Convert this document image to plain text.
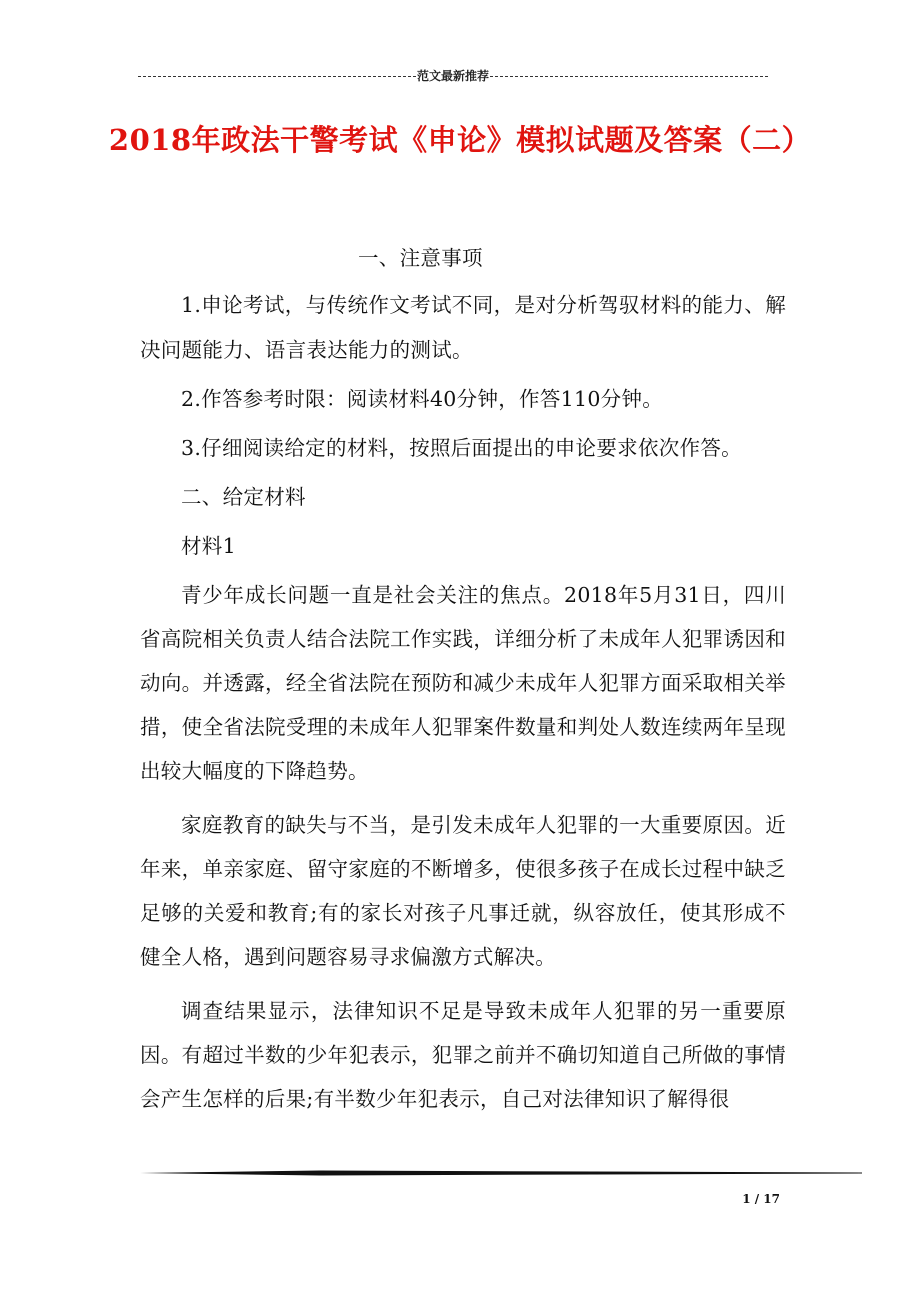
范文最新推荐
2018年政法干警考试《申论》模拟试题及答案（二）

一、注意事项

1.申论考试，与传统作文考试不同，是对分析驾驭材料的能力、解决问题能力、语言表达能力的测试。

2.作答参考时限：阅读材料40分钟，作答110分钟。

3.仔细阅读给定的材料，按照后面提出的申论要求依次作答。

二、给定材料

材料1

青少年成长问题一直是社会关注的焦点。2018年5月31日，四川省高院相关负责人结合法院工作实践，详细分析了未成年人犯罪诱因和动向。并透露，经全省法院在预防和减少未成年人犯罪方面采取相关举措，使全省法院受理的未成年人犯罪案件数量和判处人数连续两年呈现出较大幅度的下降趋势。

家庭教育的缺失与不当，是引发未成年人犯罪的一大重要原因。近年来，单亲家庭、留守家庭的不断增多，使很多孩子在成长过程中缺乏足够的关爱和教育;有的家长对孩子凡事迁就，纵容放任，使其形成不健全人格，遇到问题容易寻求偏激方式解决。

调查结果显示，法律知识不足是导致未成年人犯罪的另一重要原因。有超过半数的少年犯表示，犯罪之前并不确切知道自己所做的事情会产生怎样的后果;有半数少年犯表示，自己对法律知识了解得很

1 / 17
